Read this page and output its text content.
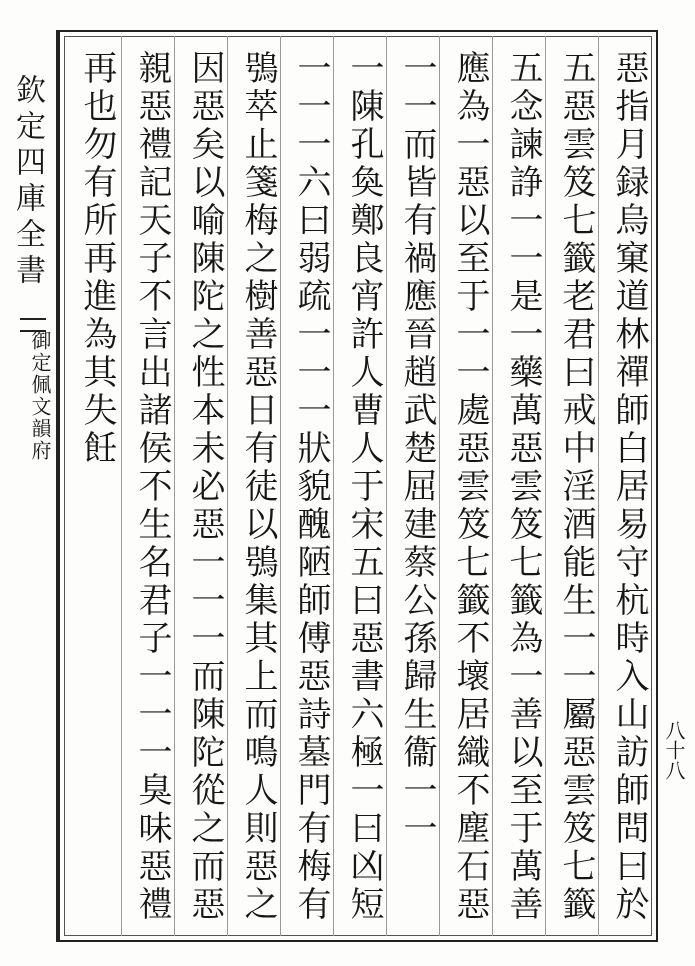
欽定四庫全書
御定佩文韻府
八十八
惡指月録烏窠道林禪師白居易守杭時入山訪師問曰於
五惡雲笈七籤老君曰戒中淫酒能生一一屬惡雲笈七籤
五念諫諍一一是一藥萬惡雲笈七籤為一善以至于萬善
應為一惡以至于一一處惡雲笈七籤不壞居織不塵石惡
一一而皆有禍應晉趙武楚屈建蔡公孫歸生衞一一
一陳孔奐鄭良宵許人曹人于宋五曰惡書六極一曰凶短
一一一六曰弱疏一一一狀貌醜陋師傅惡詩墓門有梅有
鴞萃止箋梅之樹善惡日有徒以鴞集其上而鳴人則惡之
因惡矣以喻陳陀之性本未必惡一一一而陳陀從之而惡
親惡禮記天子不言出諸侯不生名君子一一一臭味惡禮
再也勿有所再進為其失飪
